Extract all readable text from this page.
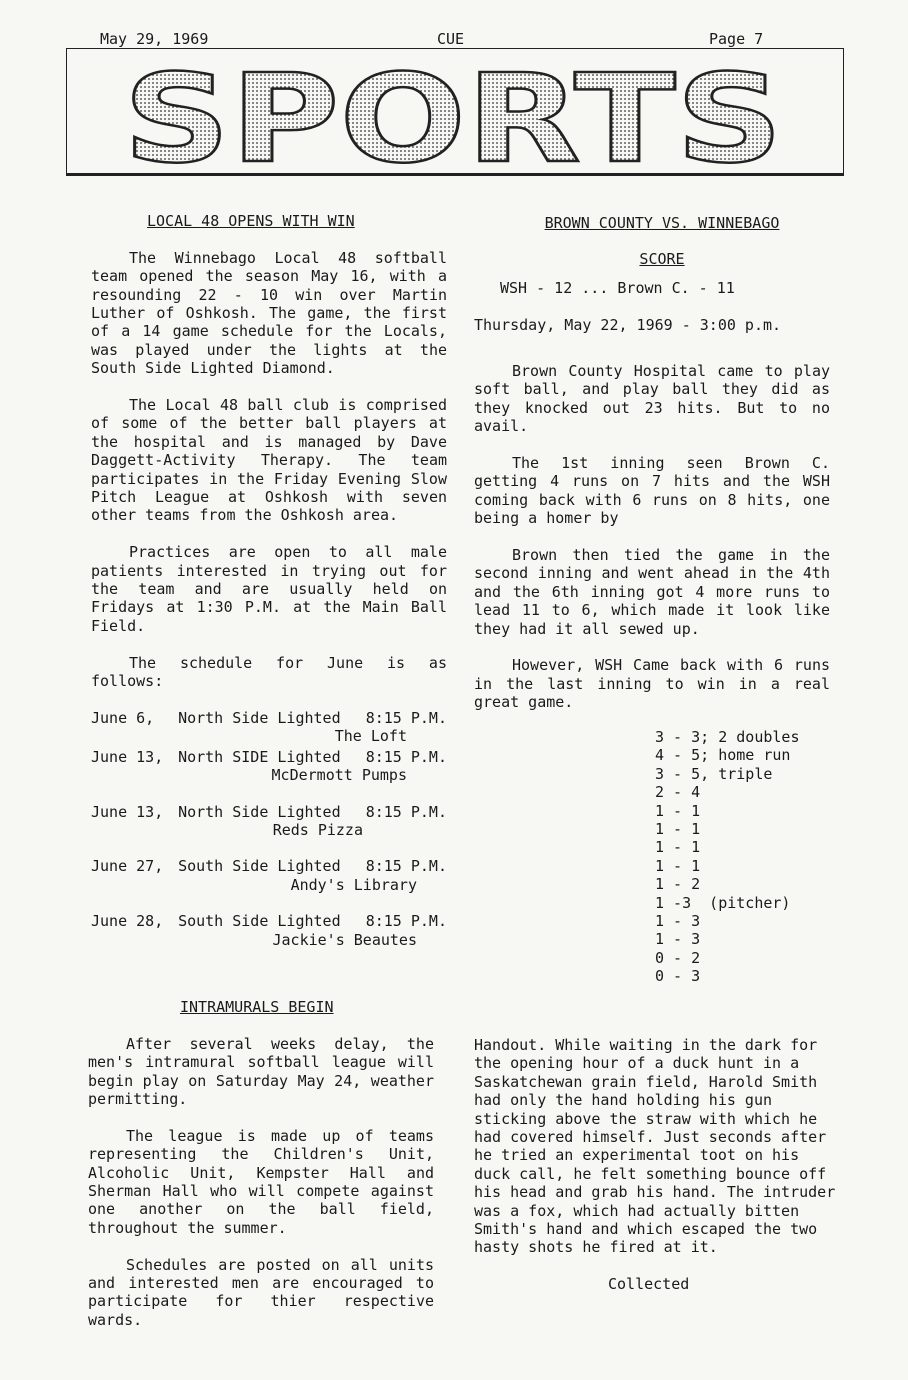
May 29, 1969	CUE	Page 7
SPORTS
LOCAL 48 OPENS WITH WIN

The Winnebago Local 48 softball team opened the season May 16, with a resounding 22 - 10 win over Martin Luther of Oshkosh. The game, the first of a 14 game schedule for the Locals, was played under the lights at the South Side Lighted Diamond.

The Local 48 ball club is comprised of some of the better ball players at the hospital and is managed by Dave Daggett-Activity Therapy. The team participates in the Friday Evening Slow Pitch League at Oshkosh with seven other teams from the Oshkosh area.

Practices are open to all male patients interested in trying out for the team and are usually held on Fridays at 1:30 P.M. at the Main Ball Field.

The schedule for June is as follows:

June 6,	North Side Lighted 8:15 P.M.
The Loft
June 13, North SIDE Lighted 8:15 P.M.
McDermott Pumps
June 13, North Side Lighted 8:15 P.M.
Reds Pizza
June 27, South Side Lighted 8:15 P.M.
Andy's Library
June 28, South Side Lighted 8:15 P.M.
Jackie's Beautes
INTRAMURALS BEGIN

After several weeks delay, the men's intramural softball league will begin play on Saturday May 24, weather permitting.

The league is made up of teams representing the Children's Unit, Alcoholic Unit, Kempster Hall and Sherman Hall who will compete against one another on the ball field, throughout the summer.

Schedules are posted on all units and interested men are encouraged to participate for thier respective wards.

BROWN COUNTY VS. WINNEBAGO
SCORE

WSH - 12 ... Brown C. - 11

Thursday, May 22, 1969 - 3:00 p.m.

Brown County Hospital came to play soft ball, and play ball they did as they knocked out 23 hits. But to no avail.

The 1st inning seen Brown C. getting 4 runs on 7 hits and the WSH coming back with 6 runs on 8 hits, one being a homer by

Brown then tied the game in the second inning and went ahead in the 4th and the 6th inning got 4 more runs to lead 11 to 6, which made it look like they had it all sewed up.

However, WSH Came back with 6 runs in the last inning to win in a real great game.

3 - 3; 2 doubles
4 - 5; home run
3 - 5, triple
2 - 4
1 - 1
1 - 1
1 - 1
1 - 1
1 - 2
1 -3  (pitcher)
1 - 3
1 - 3
0 - 2
0 - 3

Handout. While waiting in the dark for the opening hour of a duck hunt in a Saskatchewan grain field, Harold Smith had only the hand holding his gun sticking above the straw with which he had covered himself. Just seconds after he tried an experimental toot on his duck call, he felt something bounce off his head and grab his hand. The intruder was a fox, which had actually bitten Smith's hand and which escaped the two hasty shots he fired at it.

Collected
